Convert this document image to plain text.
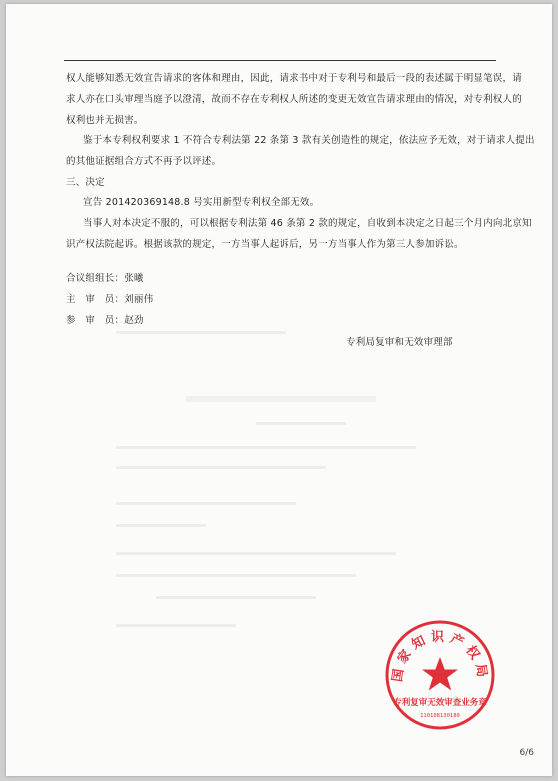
权人能够知悉无效宣告请求的客体和理由，因此，请求书中对于专利号和最后一段的表述属于明显笔误，请
求人亦在口头审理当庭予以澄清，故而不存在专利权人所述的变更无效宣告请求理由的情况，对专利权人的
权利也并无损害。
鉴于本专利权利要求 1 不符合专利法第 22 条第 3 款有关创造性的规定，依法应予无效，对于请求人提出
的其他证据组合方式不再予以评述。
三、决定
宣告 201420369148.8 号实用新型专利权全部无效。
当事人对本决定不服的，可以根据专利法第 46 条第 2 款的规定，自收到本决定之日起三个月内向北京知
识产权法院起诉。根据该款的规定，一方当事人起诉后，另一方当事人作为第三人参加诉讼。
合议组组长：张曦
主　审　员：刘丽伟
参　审　员：赵劲
专利局复审和无效审理部
国家知识产权局
专利复审无效审查业务章
110108130180
6/6
